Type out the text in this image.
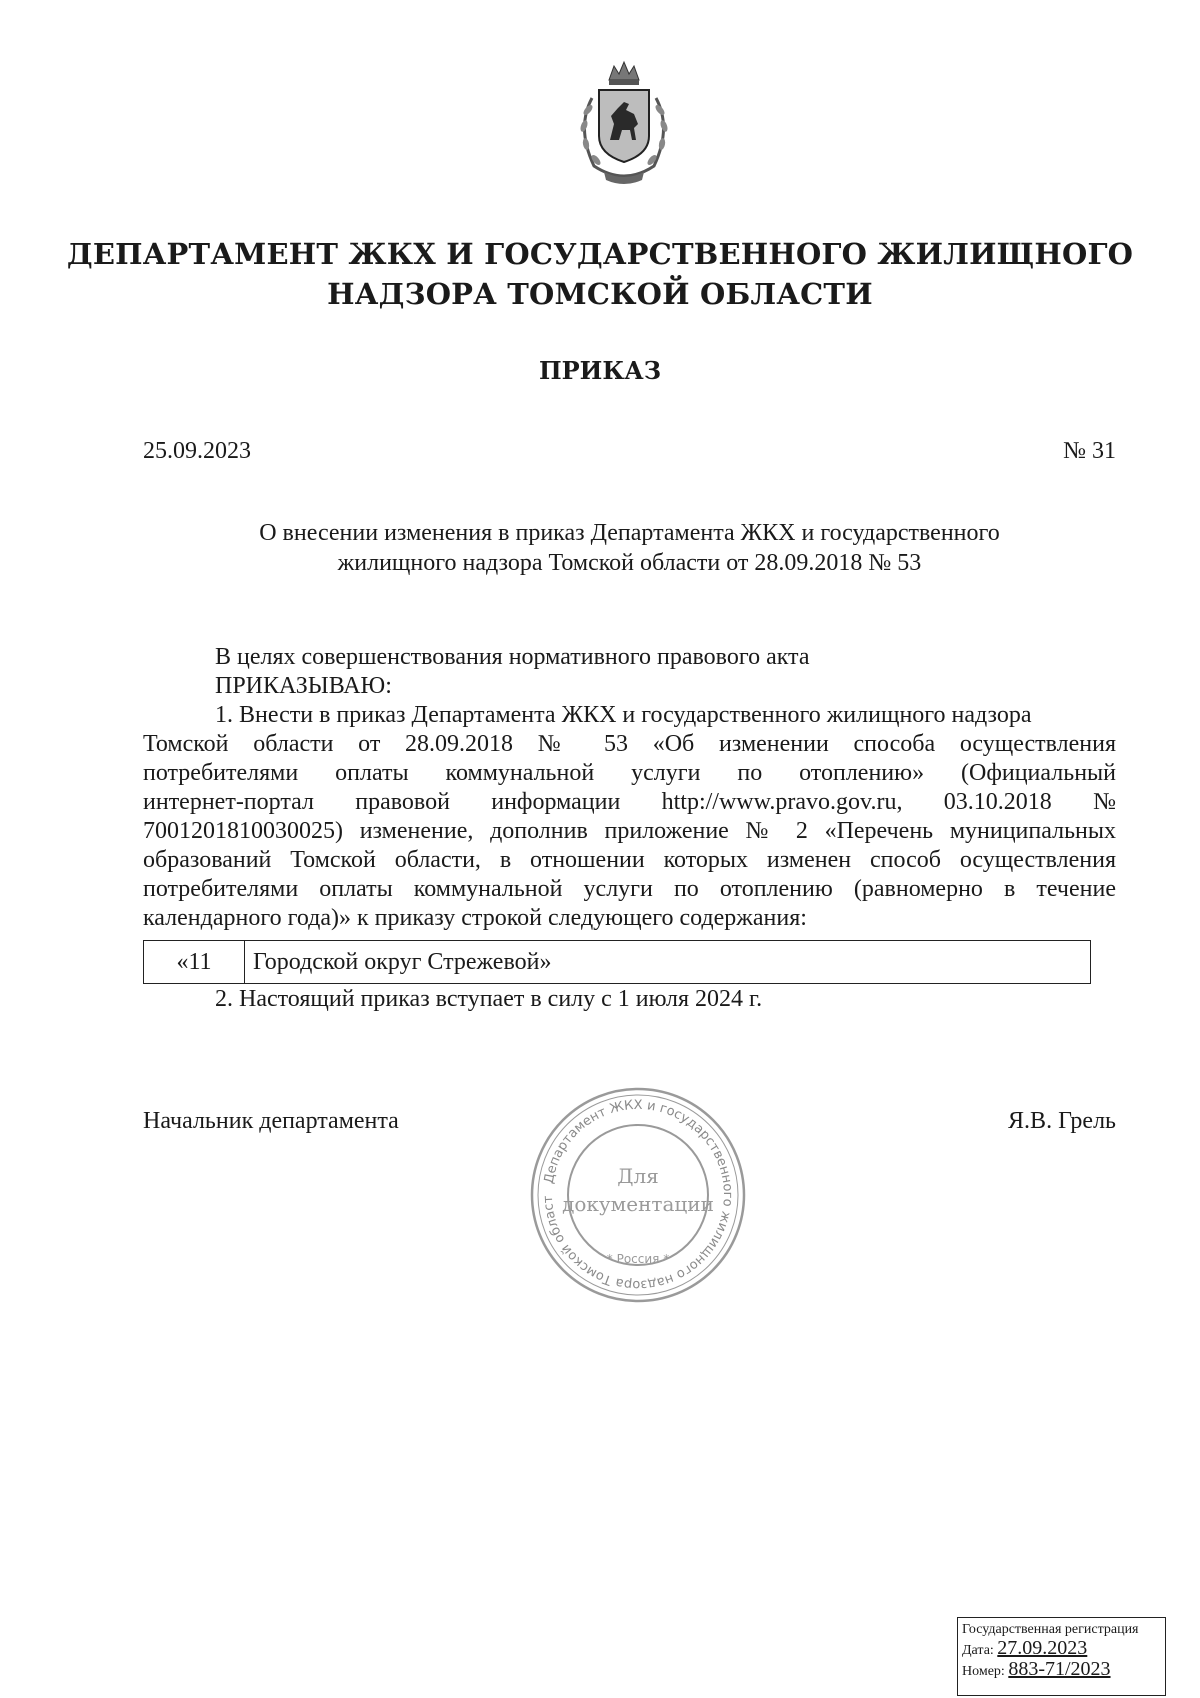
ДЕПАРТАМЕНТ ЖКХ И ГОСУДАРСТВЕННОГО ЖИЛИЩНОГО
НАДЗОРА ТОМСКОЙ ОБЛАСТИ
ПРИКАЗ
25.09.2023	№ 31
О внесении изменения в приказ Департамента ЖКХ и государственного
жилищного надзора Томской области от 28.09.2018 № 53
В целях совершенствования нормативного правового акта
ПРИКАЗЫВАЮ:
1. Внести в приказ Департамента ЖКХ и государственного жилищного надзора
Томской области от 28.09.2018 № 53 «Об изменении способа осуществления
потребителями оплаты коммунальной услуги по отоплению» (Официальный
интернет-портал правовой информации http://www.pravo.gov.ru, 03.10.2018 №
7001201810030025) изменение, дополнив приложение № 2 «Перечень муниципальных
образований Томской области, в отношении которых изменен способ осуществления
потребителями оплаты коммунальной услуги по отоплению (равномерно в течение
календарного года)» к приказу строкой следующего содержания:
«11	Городской округ Стрежевой»
2. Настоящий приказ вступает в силу с 1 июля 2024 г.
Начальник департамента	Я.В. Грель
Департамент ЖКХ и государственного жилищного надзора Томской област
Для
документации
* Россия *
Государственная регистрация
Дата: 27.09.2023
Номер: 883-71/2023
